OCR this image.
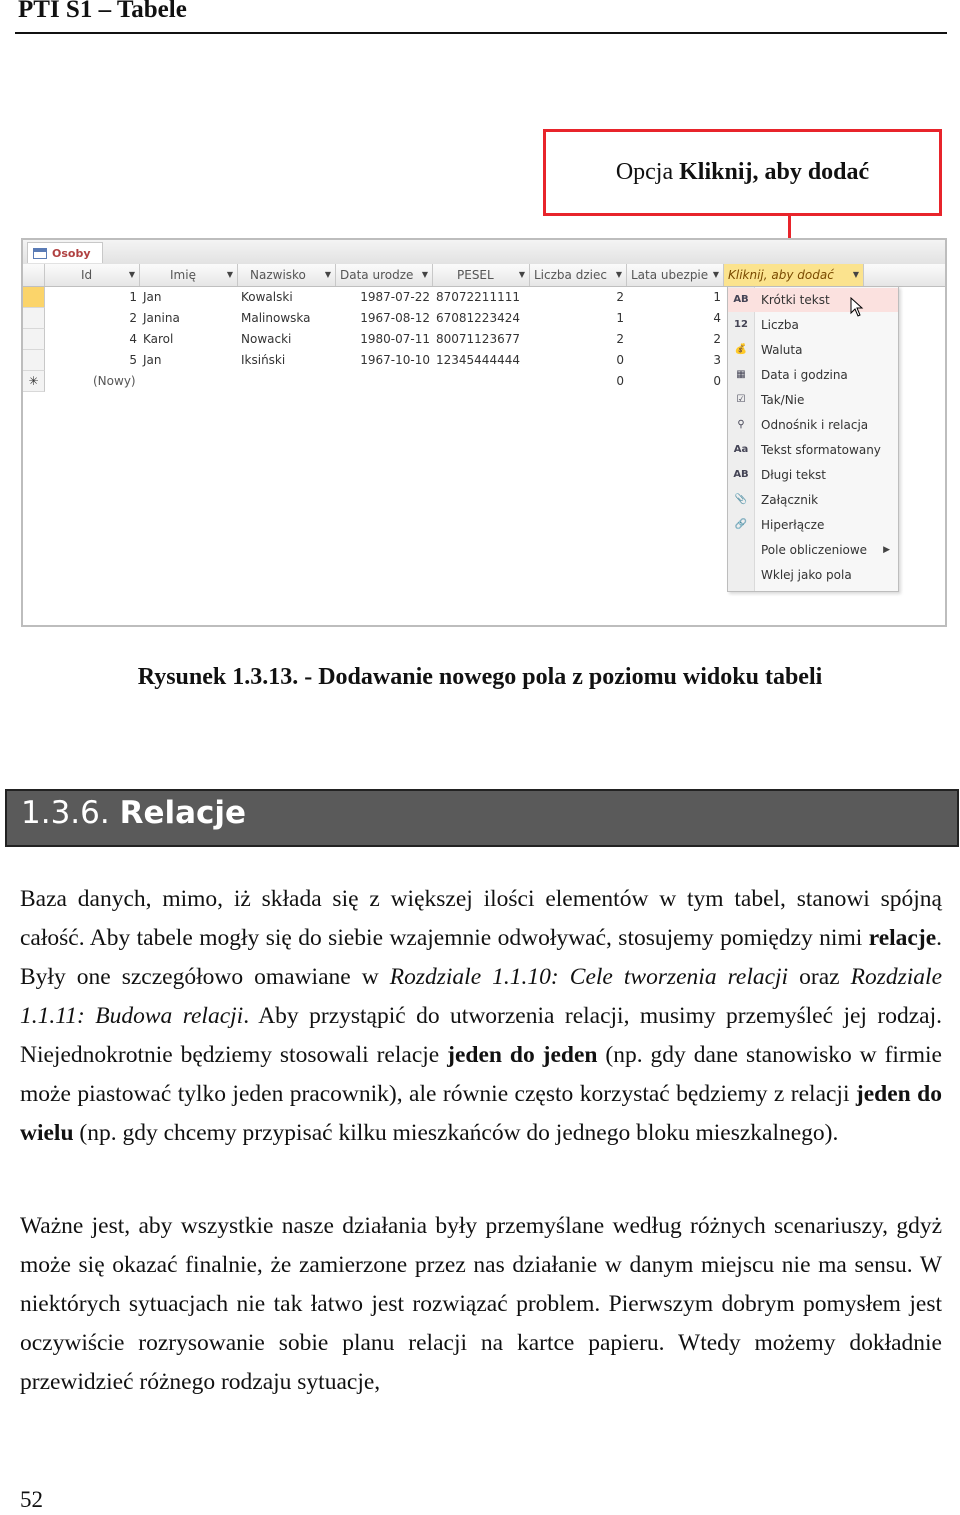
PTI S1 – Tabele
Opcja Kliknij, aby dodać
Osoby
Id	▼	Imię	▼	Nazwisko ▼ Data urodze ▼	PESEL	▼ Liczba dziec ▼ Lata ubezpie ▼ Kliknij, aby dodać ▼
1 Jan	Kowalski	1987-07-22 87072211111	2	1
2 Janina	Malinowska	1967-08-12 67081223424	1	4
4 Karol	Nowacki	1980-07-11 80071123677	2	2
5 Jan	Iksiński	1967-10-10 12345444444	0	3
✳	(Nowy)	0	0
AB Krótki tekst
12 Liczba
💰 Waluta
▦	Data i godzina
☑	Tak/Nie
⚲	Odnośnik i relacja
Aa Tekst sformatowany
AB Długi tekst
📎 Załącznik
🔗 Hiperłącze
Pole obliczeniowe ▶
Wklej jako pola
Rysunek 1.3.13. - Dodawanie nowego pola z poziomu widoku tabeli
1.3.6. Relacje

Baza danych, mimo, iż składa się z większej ilości elementów w tym tabel, stanowi spójną całość. Aby tabele mogły się do siebie wzajemnie odwoływać, stosujemy pomiędzy nimi relacje. Były one szczegółowo omawiane w Rozdziale 1.1.10: Cele tworzenia relacji oraz Rozdziale 1.1.11: Budowa relacji. Aby przystąpić do utworzenia relacji, musimy przemyśleć jej rodzaj. Niejednokrotnie będziemy stosowali relacje jeden do jeden (np. gdy dane stanowisko w firmie może piastować tylko jeden pracownik), ale równie często korzystać będziemy z relacji jeden do wielu (np. gdy chcemy przypisać kilku mieszkańców do jednego bloku mieszkalnego).

Ważne jest, aby wszystkie nasze działania były przemyślane według różnych scenariuszy, gdyż może się okazać finalnie, że zamierzone przez nas działanie w danym miejscu nie ma sensu. W niektórych sytuacjach nie tak łatwo jest rozwiązać problem. Pierwszym dobrym pomysłem jest oczywiście rozrysowanie sobie planu relacji na kartce papieru. Wtedy możemy dokładnie przewidzieć różnego rodzaju sytuacje,

52
